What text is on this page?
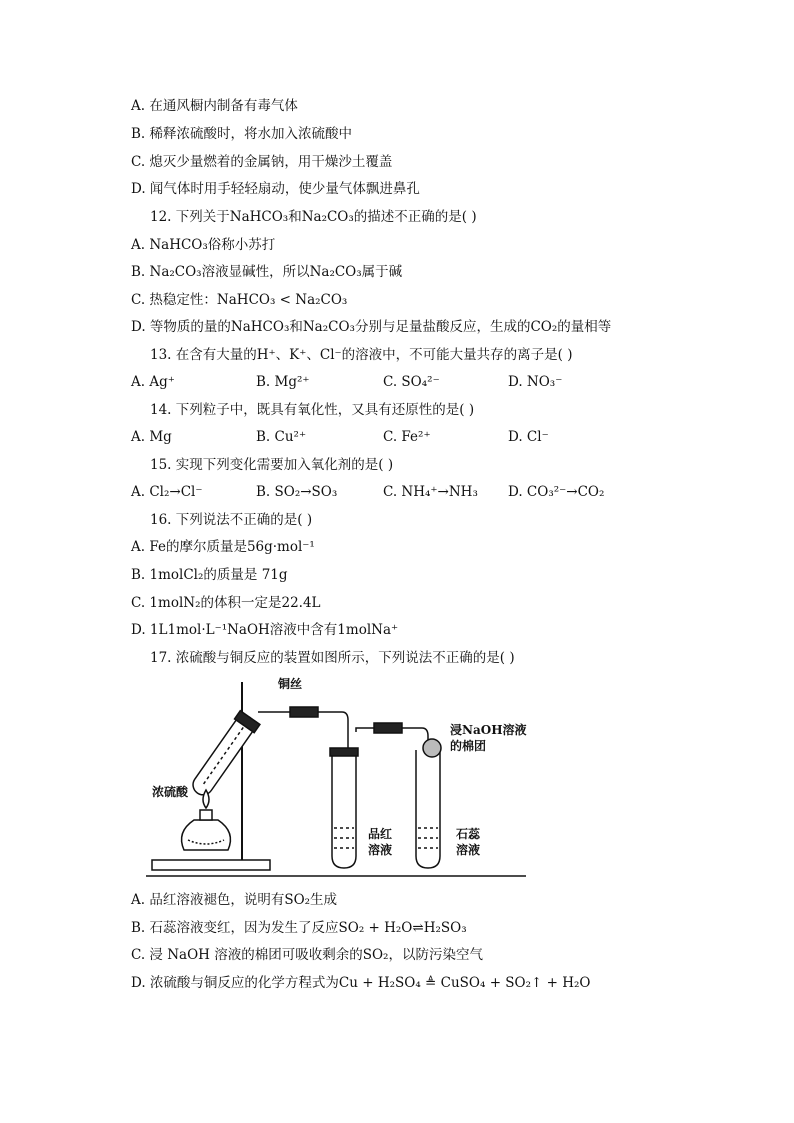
A. 在通风橱内制备有毒气体
B. 稀释浓硫酸时，将水加入浓硫酸中
C. 熄灭少量燃着的金属钠，用干燥沙土覆盖
D. 闻气体时用手轻轻扇动，使少量气体飘进鼻孔
12. 下列关于NaHCO₃和Na₂CO₃的描述不正确的是( )
A. NaHCO₃俗称小苏打
B. Na₂CO₃溶液显碱性，所以Na₂CO₃属于碱
C. 热稳定性：NaHCO₃ < Na₂CO₃
D. 等物质的量的NaHCO₃和Na₂CO₃分别与足量盐酸反应，生成的CO₂的量相等
13. 在含有大量的H⁺、K⁺、Cl⁻的溶液中，不可能大量共存的离子是( )
A. Ag⁺	B. Mg²⁺	C. SO₄²⁻	D. NO₃⁻
14. 下列粒子中，既具有氧化性，又具有还原性的是( )
A. Mg	B. Cu²⁺	C. Fe²⁺	D. Cl⁻
15. 实现下列变化需要加入氧化剂的是( )
A. Cl₂→Cl⁻	B. SO₂→SO₃	C. NH₄⁺→NH₃ D. CO₃²⁻→CO₂
16. 下列说法不正确的是( )
A. Fe的摩尔质量是56g·mol⁻¹
B. 1molCl₂的质量是 71g
C. 1molN₂的体积一定是22.4L
D. 1L1mol·L⁻¹NaOH溶液中含有1molNa⁺
17. 浓硫酸与铜反应的装置如图所示，下列说法不正确的是( )
铜丝
浓硫酸
浸NaOH溶液
的棉团
品红
溶液
石蕊
溶液
A. 品红溶液褪色，说明有SO₂生成
B. 石蕊溶液变红，因为发生了反应SO₂ + H₂O⇌H₂SO₃
C. 浸 NaOH 溶液的棉团可吸收剩余的SO₂，以防污染空气
D. 浓硫酸与铜反应的化学方程式为Cu + H₂SO₄ ≜ CuSO₄ + SO₂↑ + H₂O
